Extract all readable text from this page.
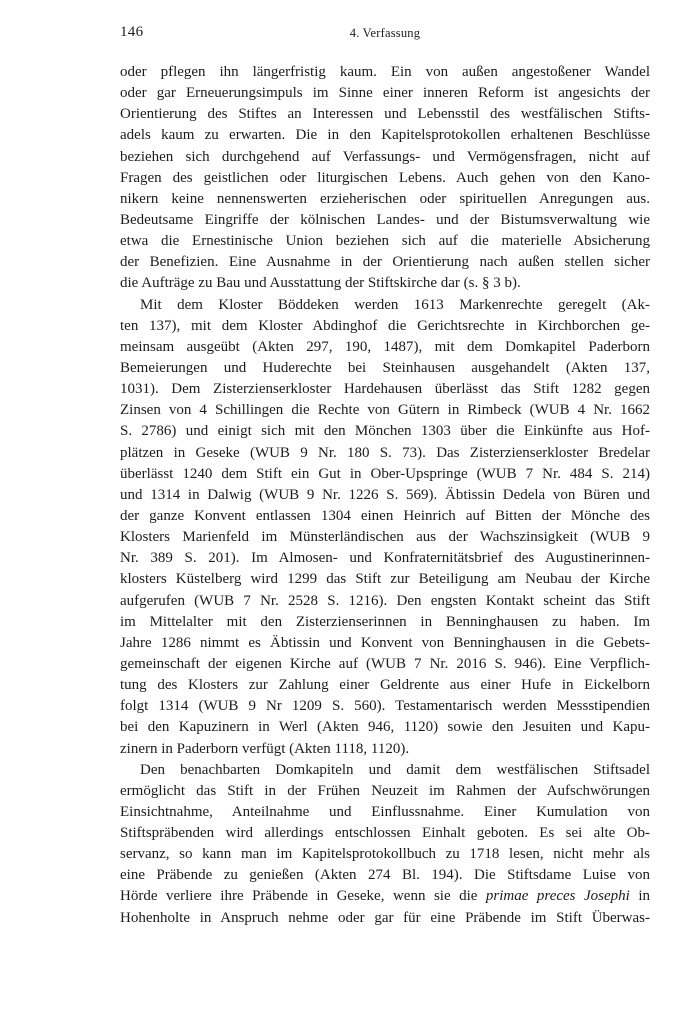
146	4. Verfassung
oder pflegen ihn längerfristig kaum. Ein von außen angestoßener Wandel
oder gar Erneuerungsimpuls im Sinne einer inneren Reform ist angesichts der
Orientierung des Stiftes an Interessen und Lebensstil des westfälischen Stifts-
adels kaum zu erwarten. Die in den Kapitelsprotokollen erhaltenen Beschlüsse
beziehen sich durchgehend auf Verfassungs- und Vermögensfragen, nicht auf
Fragen des geistlichen oder liturgischen Lebens. Auch gehen von den Kano-
nikern keine nennenswerten erzieherischen oder spirituellen Anregungen aus.
Bedeutsame Eingriffe der kölnischen Landes- und der Bistumsverwaltung wie
etwa die Ernestinische Union beziehen sich auf die materielle Absicherung
der Benefizien. Eine Ausnahme in der Orientierung nach außen stellen sicher
die Aufträge zu Bau und Ausstattung der Stiftskirche dar (s. § 3 b).
Mit dem Kloster Böddeken werden 1613 Markenrechte geregelt (Ak-
ten 137), mit dem Kloster Abdinghof die Gerichtsrechte in Kirchborchen ge-
meinsam ausgeübt (Akten 297, 190, 1487), mit dem Domkapitel Paderborn
Bemeierungen und Huderechte bei Steinhausen ausgehandelt (Akten 137,
1031). Dem Zisterzienserkloster Hardehausen überlässt das Stift 1282 gegen
Zinsen von 4 Schillingen die Rechte von Gütern in Rimbeck (WUB 4 Nr. 1662
S. 2786) und einigt sich mit den Mönchen 1303 über die Einkünfte aus Hof-
plätzen in Geseke (WUB 9 Nr. 180 S. 73). Das Zisterzienserkloster Bredelar
überlässt 1240 dem Stift ein Gut in Ober-Upspringe (WUB 7 Nr. 484 S. 214)
und 1314 in Dalwig (WUB 9 Nr. 1226 S. 569). Äbtissin Dedela von Büren und
der ganze Konvent entlassen 1304 einen Heinrich auf Bitten der Mönche des
Klosters Marienfeld im Münsterländischen aus der Wachszinsigkeit (WUB 9
Nr. 389 S. 201). Im Almosen- und Konfraternitätsbrief des Augustinerinnen-
klosters Küstelberg wird 1299 das Stift zur Beteiligung am Neubau der Kirche
aufgerufen (WUB 7 Nr. 2528 S. 1216). Den engsten Kontakt scheint das Stift
im Mittelalter mit den Zisterzienserinnen in Benninghausen zu haben. Im
Jahre 1286 nimmt es Äbtissin und Konvent von Benninghausen in die Gebets-
gemeinschaft der eigenen Kirche auf (WUB 7 Nr. 2016 S. 946). Eine Verpflich-
tung des Klosters zur Zahlung einer Geldrente aus einer Hufe in Eickelborn
folgt 1314 (WUB 9 Nr 1209 S. 560). Testamentarisch werden Messstipendien
bei den Kapuzinern in Werl (Akten 946, 1120) sowie den Jesuiten und Kapu-
zinern in Paderborn verfügt (Akten 1118, 1120).
Den benachbarten Domkapiteln und damit dem westfälischen Stiftsadel
ermöglicht das Stift in der Frühen Neuzeit im Rahmen der Aufschwörungen
Einsichtnahme, Anteilnahme und Einflussnahme. Einer Kumulation von
Stiftspräbenden wird allerdings entschlossen Einhalt geboten. Es sei alte Ob-
servanz, so kann man im Kapitelsprotokollbuch zu 1718 lesen, nicht mehr als
eine Präbende zu genießen (Akten 274 Bl. 194). Die Stiftsdame Luise von
Hörde verliere ihre Präbende in Geseke, wenn sie die primae preces Josephi in
Hohenholte in Anspruch nehme oder gar für eine Präbende im Stift Überwas-
